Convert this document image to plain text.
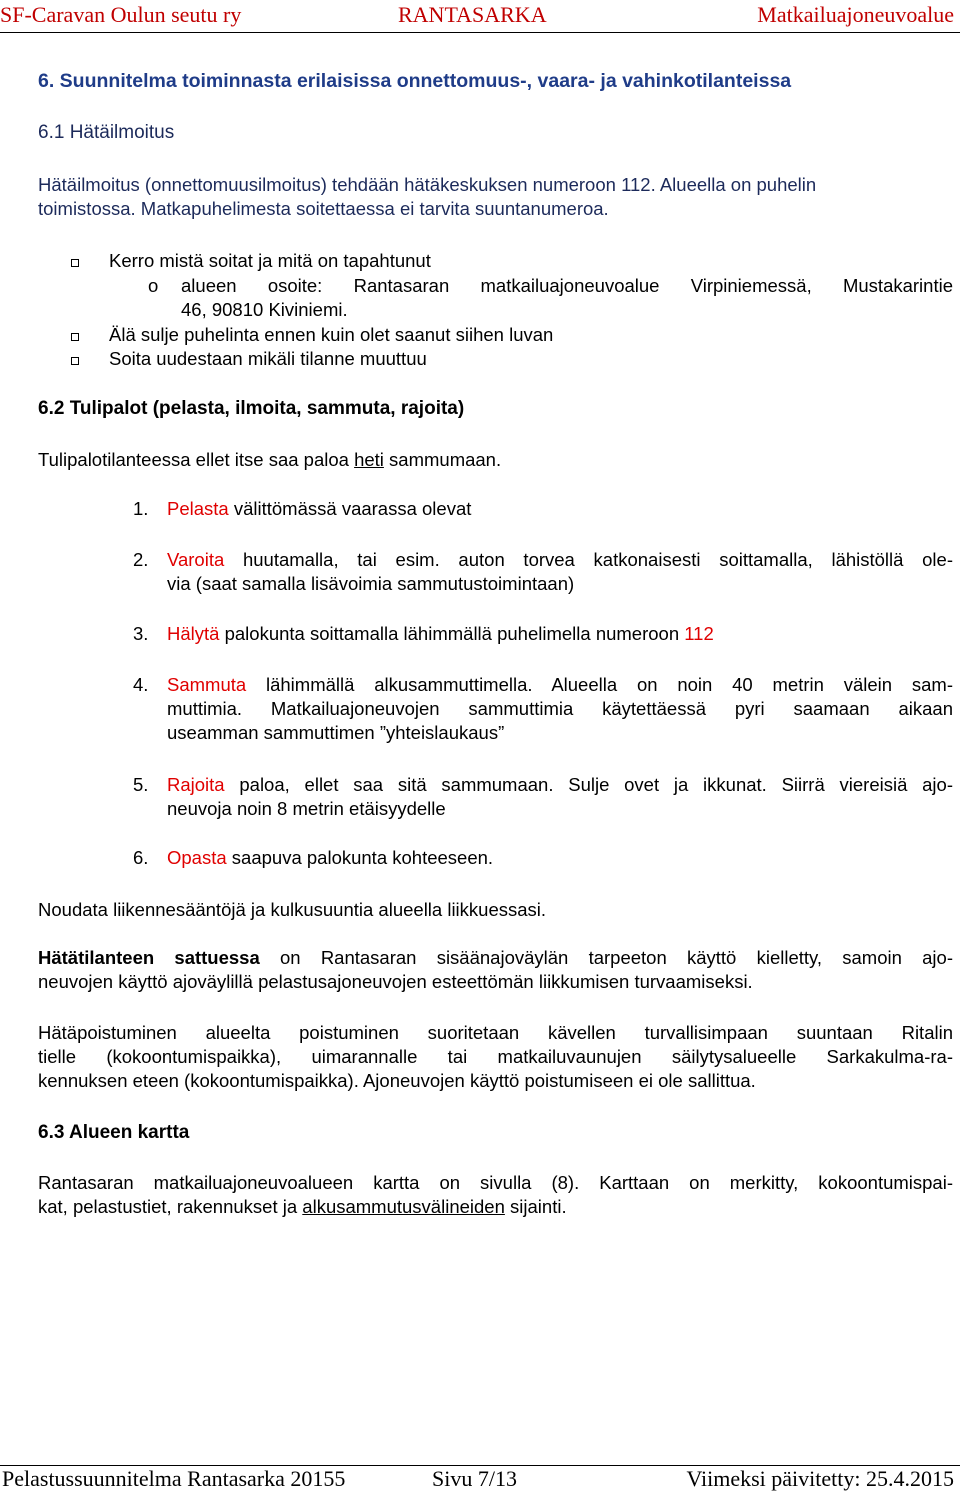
SF-Caravan Oulun seutu ry	RANTASARKA	Matkailuajoneuvoalue
6. Suunnitelma toiminnasta erilaisissa onnettomuus-, vaara- ja vahinkotilanteissa
6.1 Hätäilmoitus
Hätäilmoitus (onnettomuusilmoitus) tehdään hätäkeskuksen numeroon 112. Alueella on puhelin
toimistossa. Matkapuhelimesta soitettaessa ei tarvita suuntanumeroa.
Kerro mistä soitat ja mitä on tapahtunut
o alueen osoite: Rantasaran matkailuajoneuvoalue Virpiniemessä, Mustakarintie
46, 90810 Kiviniemi.
Älä sulje puhelinta ennen kuin olet saanut siihen luvan
Soita uudestaan mikäli tilanne muuttuu
6.2 Tulipalot (pelasta, ilmoita, sammuta, rajoita)
Tulipalotilanteessa ellet itse saa paloa heti sammumaan.
1. Pelasta välittömässä vaarassa olevat
2. Varoita huutamalla, tai esim. auton torvea katkonaisesti soittamalla, lähistöllä ole-
via (saat samalla lisävoimia sammutustoimintaan)
3. Hälytä palokunta soittamalla lähimmällä puhelimella numeroon 112
4. Sammuta lähimmällä alkusammuttimella. Alueella on noin 40 metrin välein sam-
muttimia. Matkailuajoneuvojen sammuttimia käytettäessä pyri saamaan aikaan
useamman sammuttimen ”yhteislaukaus”
5. Rajoita paloa, ellet saa sitä sammumaan. Sulje ovet ja ikkunat. Siirrä viereisiä ajo-
neuvoja noin 8 metrin etäisyydelle
6. Opasta saapuva palokunta kohteeseen.
Noudata liikennesääntöjä ja kulkusuuntia alueella liikkuessasi.
Hätätilanteen sattuessa on Rantasaran sisäänajoväylän tarpeeton käyttö kielletty, samoin ajo-
neuvojen käyttö ajoväylillä pelastusajoneuvojen esteettömän liikkumisen turvaamiseksi.
Hätäpoistuminen alueelta poistuminen suoritetaan kävellen turvallisimpaan suuntaan Ritalin
tielle (kokoontumispaikka), uimarannalle tai matkailuvaunujen säilytysalueelle Sarkakulma-ra-
kennuksen eteen (kokoontumispaikka). Ajoneuvojen käyttö poistumiseen ei ole sallittua.
6.3 Alueen kartta
Rantasaran matkailuajoneuvoalueen kartta on sivulla (8). Karttaan on merkitty, kokoontumispai-
kat, pelastustiet, rakennukset ja alkusammutusvälineiden sijainti.
Pelastussuunnitelma Rantasarka 20155	Sivu 7/13	Viimeksi päivitetty: 25.4.2015
